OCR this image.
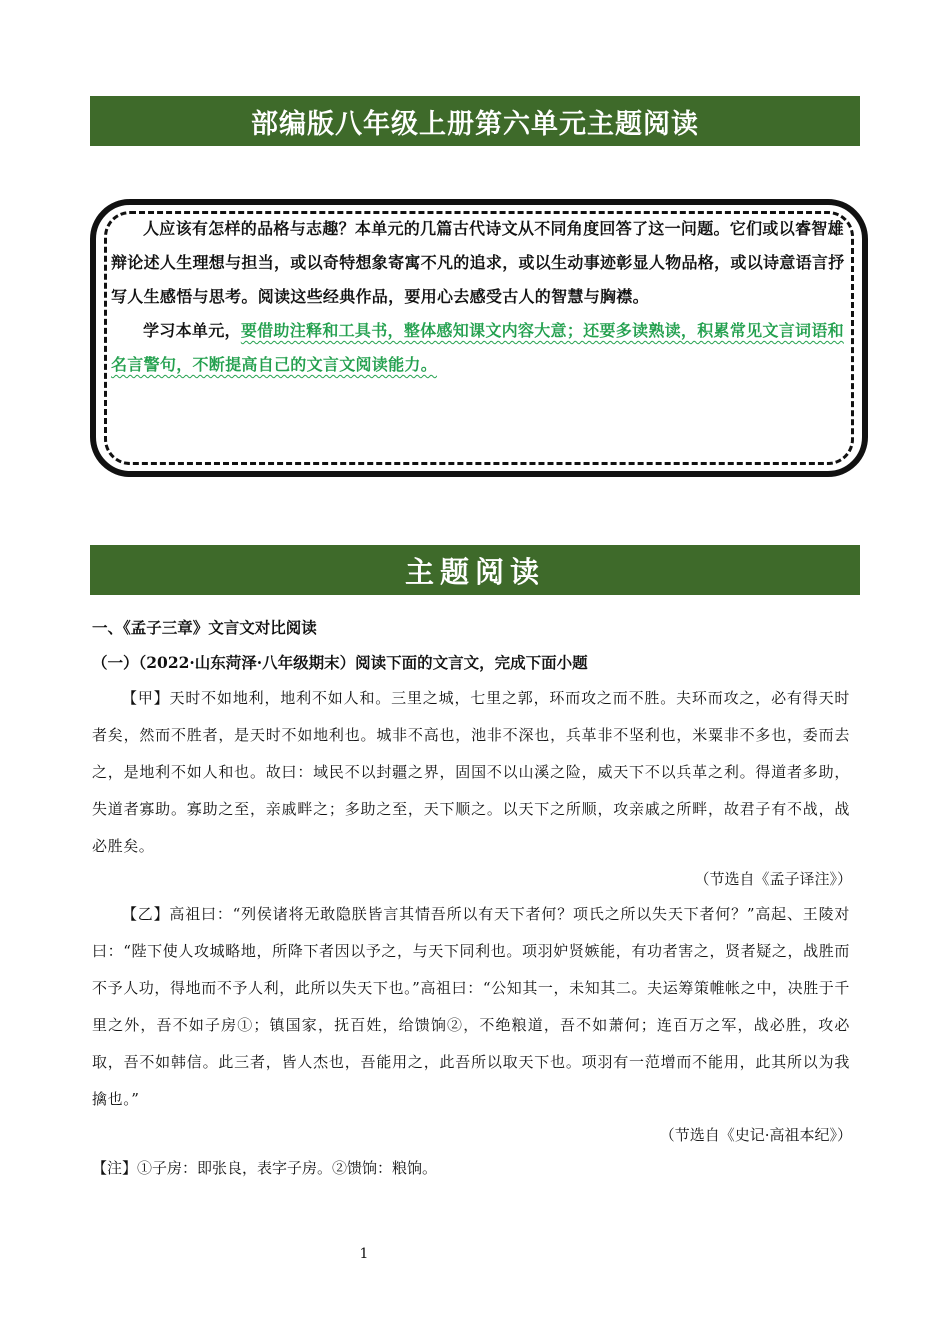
部编版八年级上册第六单元主题阅读

人应该有怎样的品格与志趣？本单元的几篇古代诗文从不同角度回答了这一问题。它们或以睿智雄辩论述人生理想与担当，或以奇特想象寄寓不凡的追求，或以生动事迹彰显人物品格，或以诗意语言抒写人生感悟与思考。阅读这些经典作品，要用心去感受古人的智慧与胸襟。

学习本单元，要借助注释和工具书，整体感知课文内容大意；还要多读熟读，积累常见文言词语和名言警句，不断提高自己的文言文阅读能力。

主题阅读
一、《孟子三章》文言文对比阅读
（一）（2022·山东菏泽·八年级期末）阅读下面的文言文，完成下面小题

【甲】天时不如地利，地利不如人和。三里之城，七里之郭，环而攻之而不胜。夫环而攻之，必有得天时者矣，然而不胜者，是天时不如地利也。城非不高也，池非不深也，兵革非不坚利也，米粟非不多也，委而去之，是地利不如人和也。故曰：域民不以封疆之界，固国不以山溪之险，威天下不以兵革之利。得道者多助，失道者寡助。寡助之至，亲戚畔之；多助之至，天下顺之。以天下之所顺，攻亲戚之所畔，故君子有不战，战必胜矣。

（节选自《孟子译注》）

【乙】高祖曰：“列侯诸将无敢隐朕皆言其情吾所以有天下者何？项氏之所以失天下者何？”高起、王陵对曰：“陛下使人攻城略地，所降下者因以予之，与天下同利也。项羽妒贤嫉能，有功者害之，贤者疑之，战胜而不予人功，得地而不予人利，此所以失天下也。”高祖曰：“公知其一，未知其二。夫运筹策帷帐之中，决胜于千里之外，吾不如子房①；镇国家，抚百姓，给馈饷②，不绝粮道，吾不如萧何；连百万之军，战必胜，攻必取，吾不如韩信。此三者，皆人杰也，吾能用之，此吾所以取天下也。项羽有一范增而不能用，此其所以为我擒也。”

（节选自《史记·高祖本纪》）
【注】①子房：即张良，表字子房。②馈饷：粮饷。
1
